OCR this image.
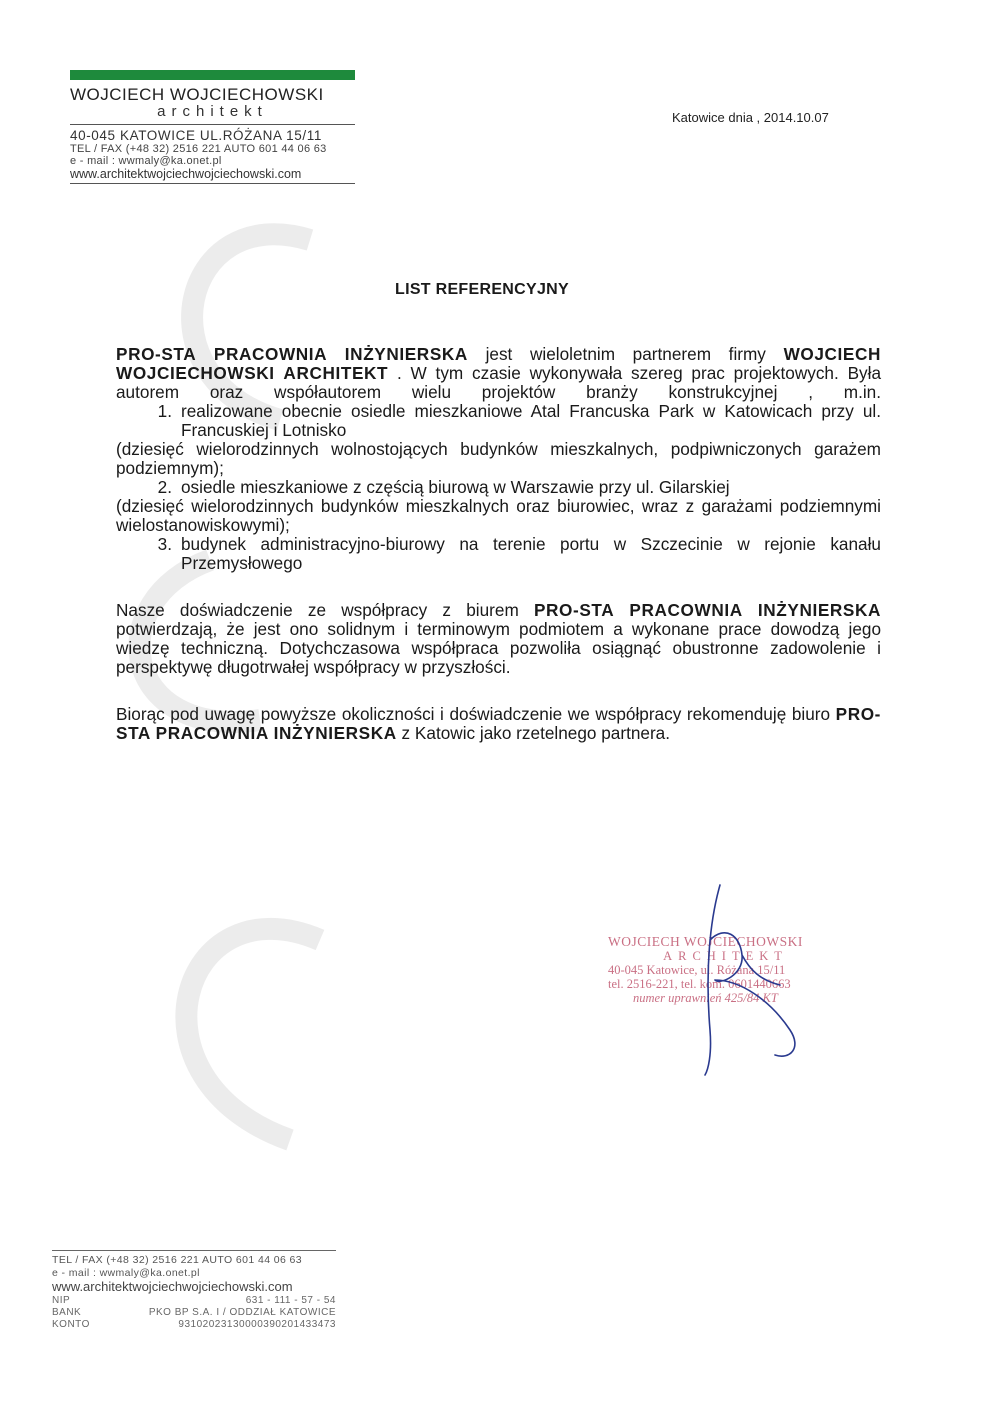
WOJCIECH WOJCIECHOWSKI
architekt
40-045 KATOWICE UL.RÓŻANA 15/11
TEL / FAX (+48 32) 2516 221 AUTO 601 44 06 63
e - mail : wwmaly@ka.onet.pl
www.architektwojciechwojciechowski.com
Katowice dnia , 2014.10.07
LIST REFERENCYJNY

PRO-STA PRACOWNIA INŻYNIERSKA jest wieloletnim partnerem firmy WOJCIECH WOJCIECHOWSKI ARCHITEKT . W tym czasie wykonywała szereg prac projektowych. Była autorem oraz współautorem wielu projektów branży konstrukcyjnej , m.in.

1. realizowane obecnie osiedle mieszkaniowe Atal Francuska Park w Katowicach przy ul. Francuskiej i Lotnisko

(dziesięć wielorodzinnych wolnostojących budynków mieszkalnych, podpiwniczonych garażem podziemnym);

2. osiedle mieszkaniowe z częścią biurową w Warszawie przy ul. Gilarskiej

(dziesięć wielorodzinnych budynków mieszkalnych oraz biurowiec, wraz z garażami podziemnymi wielostanowiskowymi);

3. budynek administracyjno-biurowy na terenie portu w Szczecinie w rejonie kanału Przemysłowego

Nasze doświadczenie ze współpracy z biurem PRO-STA PRACOWNIA INŻYNIERSKA potwierdzają, że jest ono solidnym i terminowym podmiotem a wykonane prace dowodzą jego wiedzę techniczną. Dotychczasowa współpraca pozwoliła osiągnąć obustronne zadowolenie i perspektywę długotrwałej współpracy w przyszłości.

Biorąc pod uwagę powyższe okoliczności i doświadczenie we współpracy rekomenduję biuro PRO-STA PRACOWNIA INŻYNIERSKA z Katowic jako rzetelnego partnera.

WOJCIECH WOJCIECHOWSKI
ARCHITEKT
40-045 Katowice, ul. Różana 15/11
tel. 2516-221, tel. kom. 0601440663
numer uprawnień 425/84 KT
TEL / FAX (+48 32) 2516 221 AUTO 601 44 06 63
e - mail : wwmaly@ka.onet.pl
www.architektwojciechwojciechowski.com
NIP	631 - 111 - 57 - 54
BANK	PKO BP S.A. I / ODDZIAŁ KATOWICE
KONTO	93102023130000390201433473
